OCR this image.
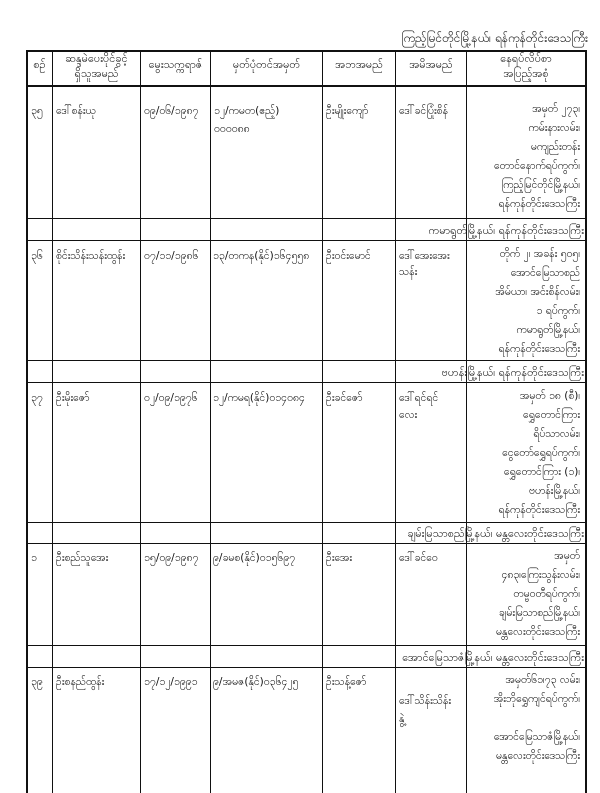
ကြည့်မြင်တိုင်မြို့နယ်၊ ရန်ကုန်တိုင်းဒေသကြီး
စဉ်	ဆန္ဒမဲပေးပိုင်ခွင့်
ရှိသူအမည်
မွေးသက္ကရာဇ်	မှတ်ပုံတင်အမှတ်	အဘအမည်	အမိအမည်	နေရပ်လိပ်စာ
အပြည့်အစုံ
၃၅ ဒေါ်စန်းယု	၀၉/၀၆/၁၉၈၇ ၁၂/ကမတ(ဧည့်)
၀၀၀၀၈၈
ဦးမျိုးကျော်	ဒေါ်ခင်ပြုံးစိန်	အမှတ် ၂၇၃၊
ကမ်းနားလမ်း၊
မကျည်းတန်း
တောင်နောက်ရပ်ကွက်၊
ကြည့်မြင်တိုင်မြို့နယ်၊
ရန်ကုန်တိုင်းဒေသကြီး
ကမာရွတ်မြို့နယ်၊ ရန်ကုန်တိုင်းဒေသကြီး
၃၆ စိုင်းသိန်းသန်းထွန်း ၀၇/၁၁/၁၉၈၆ ၁၃/တကန(နိုင်)၁၆၄၅၅၈ ဦးဝင်းမောင်	ဒေါ်အေးအေး
သန်း
တိုက် ၂၊ အခန်း ၅၀၅၊
အောင်မြေသာစည်
အိမ်ယာ၊ အင်းစိန်လမ်း၊
၁ ရပ်ကွက်၊
ကမာရွတ်မြို့နယ်၊
ရန်ကုန်တိုင်းဒေသကြီး
ဗဟန်းမြို့နယ်၊ ရန်ကုန်တိုင်းဒေသကြီး
၃၇ ဦးမိုးဇော်	၀၂/၀၉/၁၉၇၆ ၁၂/ကမရ(နိုင်)၀၁၄၀၈၄ ဦးခင်ဇော်	ဒေါ်ရင်ရင်
လေး
အမှတ် ၁၈ (စီ)၊
ရွှေတောင်ကြား
ရိပ်သာလမ်း၊
ငွေတော်ရွှေရပ်ကွက်၊
ရွှေတောင်ကြား (၁)၊
ဗဟန်းမြို့နယ်၊
ရန်ကုန်တိုင်းဒေသကြီး
ချမ်းမြသာစည်မြို့နယ်၊ မန္တလေးတိုင်းဒေသကြီး
၁ ဦးစည်သူအေး	၁၅/၀၉/၁၉၈၇ ၉/ခမစ(နိုင်)၀၁၅၆၉၇	ဦးအေး	ဒေါ်ခင်ဝေ	အမှတ်
၄၈၃၊ကြေးသွန်းလမ်း၊
တမ္ဗဝတီရပ်ကွက်၊
ချမ်းမြသာစည်မြို့နယ်၊
မန္တလေးတိုင်းဒေသကြီး
အောင်မြေသာဇံမြို့နယ်၊ မန္တလေးတိုင်းဒေသကြီး
၃၉ ဦးစနည်ထွန်း	၁၇/၁၂/၁၉၉၁ ၉/အမဇ(နိုင်)၀၃၆၄၂၅	ဦးသန့်ဇော်
ဒေါ်သိန်းသိန်း
နွဲ့
အမှတ်၆၁၊၇၃ လမ်း၊
အိုးဘိုရွှေကျင်ရပ်ကွက်၊
အောင်မြေသာဇံမြို့နယ်၊
မန္တလေးတိုင်းဒေသကြီး
